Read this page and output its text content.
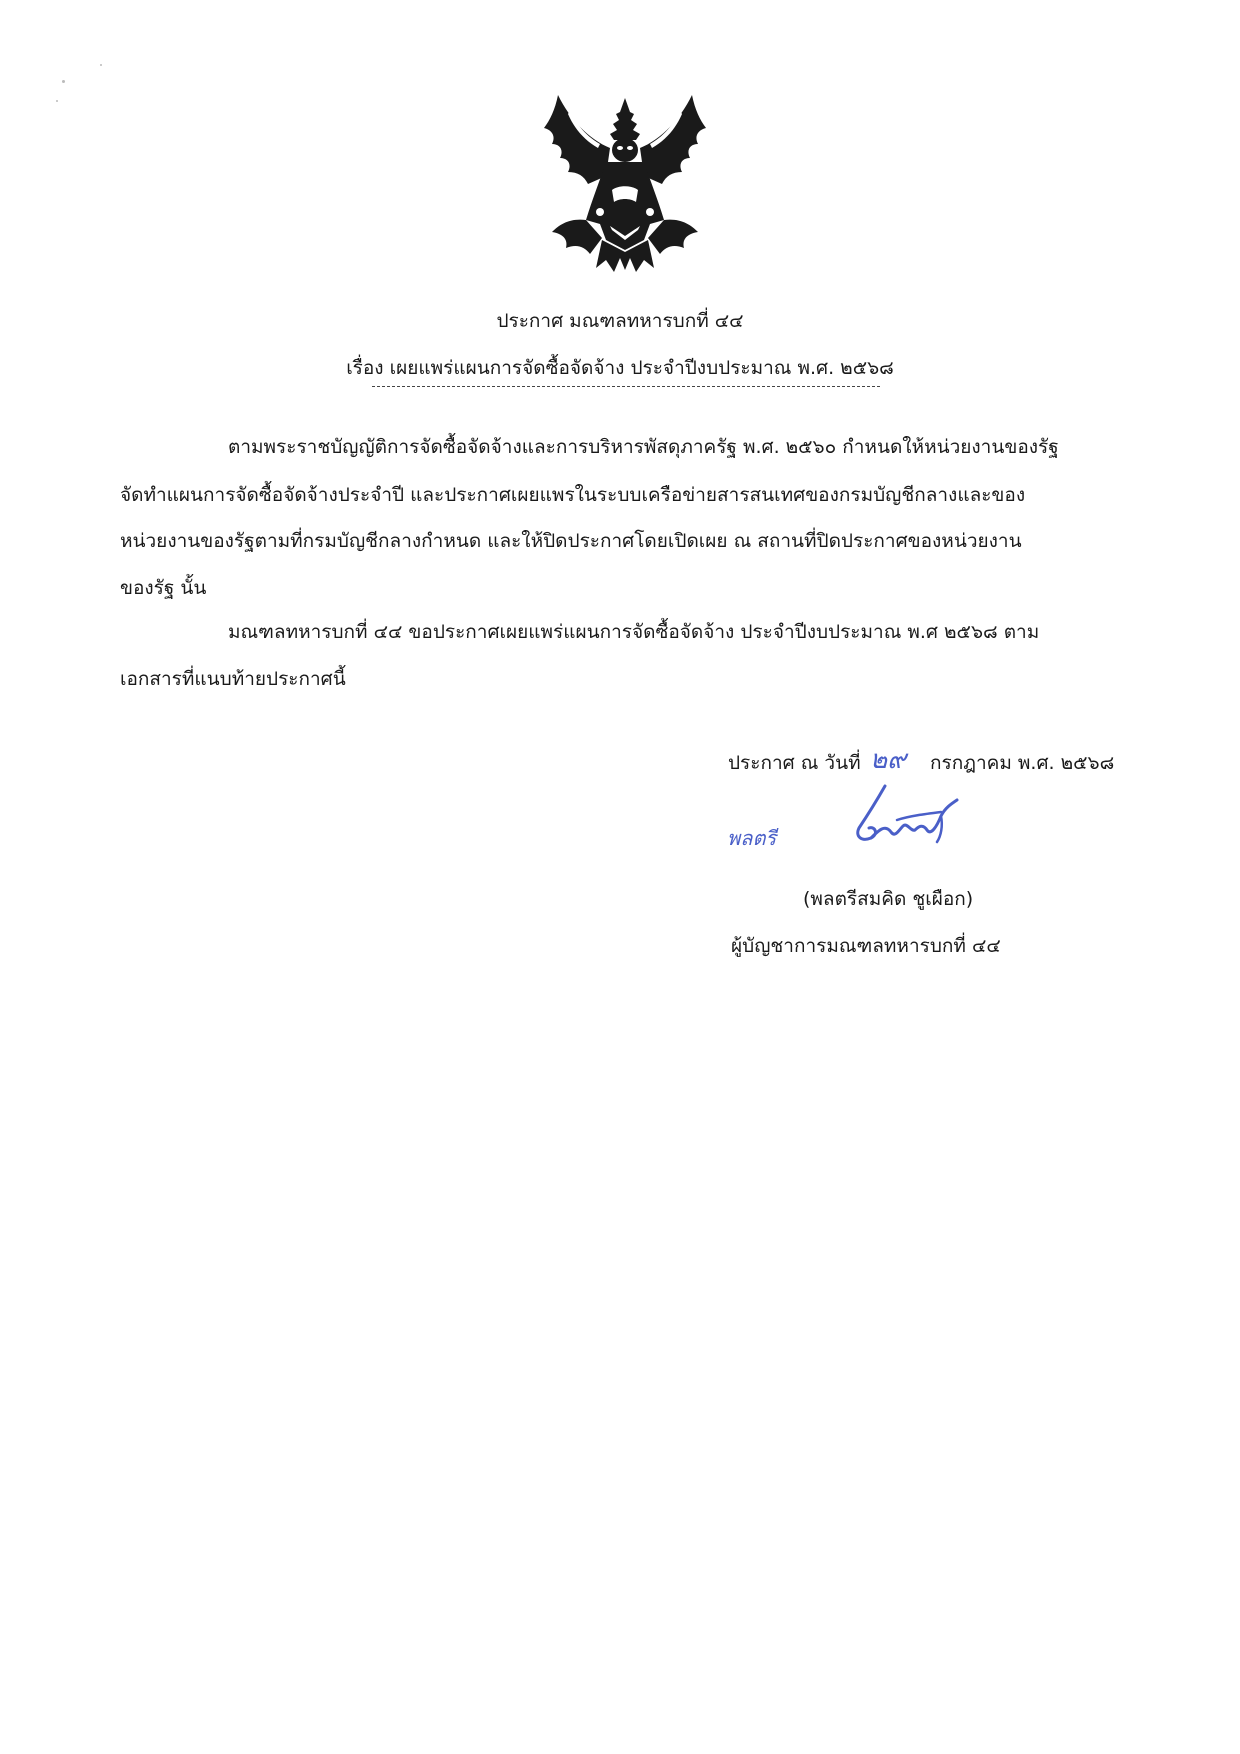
ประกาศ มณฑลทหารบกที่ ๔๔
เรื่อง เผยแพร่แผนการจัดซื้อจัดจ้าง ประจำปีงบประมาณ พ.ศ. ๒๕๖๘
ตามพระราชบัญญัติการจัดซื้อจัดจ้างและการบริหารพัสดุภาครัฐ พ.ศ. ๒๕๖๐ กำหนดให้หน่วยงานของรัฐ
จัดทำแผนการจัดซื้อจัดจ้างประจำปี และประกาศเผยแพรในระบบเครือข่ายสารสนเทศของกรมบัญชีกลางและของ
หน่วยงานของรัฐตามที่กรมบัญชีกลางกำหนด และให้ปิดประกาศโดยเปิดเผย ณ สถานที่ปิดประกาศของหน่วยงาน
ของรัฐ นั้น
มณฑลทหารบกที่ ๔๔ ขอประกาศเผยแพร่แผนการจัดซื้อจัดจ้าง ประจำปีงบประมาณ พ.ศ ๒๕๖๘ ตาม
เอกสารที่แนบท้ายประกาศนี้
ประกาศ ณ วันที่ ๒๙ กรกฎาคม พ.ศ. ๒๕๖๘
พลตรี
(พลตรีสมคิด ชูเผือก)
ผู้บัญชาการมณฑลทหารบกที่ ๔๔
